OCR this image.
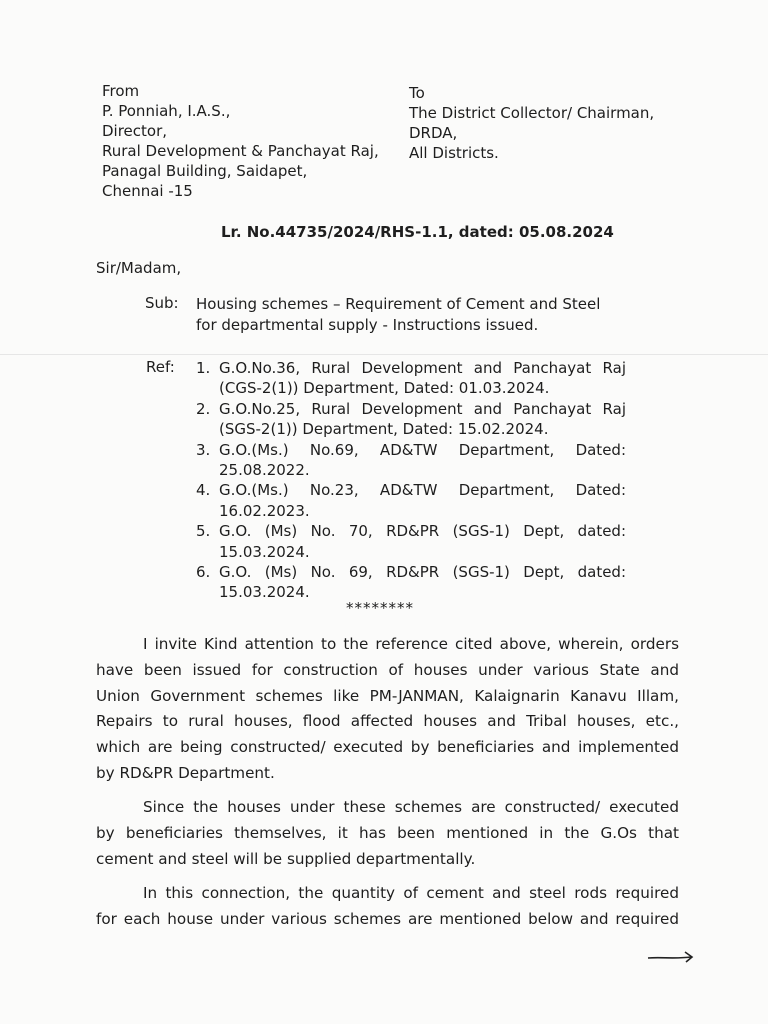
From
P. Ponniah, I.A.S.,
Director,
Rural Development & Panchayat Raj,
Panagal Building, Saidapet,
Chennai -15
To
The District Collector/ Chairman,
DRDA,
All Districts.
Lr. No.44735/2024/RHS-1.1, dated: 05.08.2024
Sir/Madam,
Sub: Housing schemes – Requirement of Cement and Steel
for departmental supply - Instructions issued.
Ref: 1. G.O.No.36, Rural Development and Panchayat Raj
(CGS-2(1)) Department, Dated: 01.03.2024.
2. G.O.No.25, Rural Development and Panchayat Raj
(SGS-2(1)) Department, Dated: 15.02.2024.
3. G.O.(Ms.) No.69, AD&TW Department, Dated:
25.08.2022.
4. G.O.(Ms.) No.23, AD&TW Department, Dated:
16.02.2023.
5. G.O. (Ms) No. 70, RD&PR (SGS-1) Dept, dated:
15.03.2024.
6. G.O. (Ms) No. 69, RD&PR (SGS-1) Dept, dated:
15.03.2024.
********
I invite Kind attention to the reference cited above, wherein, orders
have been issued for construction of houses under various State and
Union Government schemes like PM-JANMAN, Kalaignarin Kanavu Illam,
Repairs to rural houses, flood affected houses and Tribal houses, etc.,
which are being constructed/ executed by beneficiaries and implemented
by RD&PR Department.
Since the houses under these schemes are constructed/ executed
by beneficiaries themselves, it has been mentioned in the G.Os that
cement and steel will be supplied departmentally.
In this connection, the quantity of cement and steel rods required
for each house under various schemes are mentioned below and required
